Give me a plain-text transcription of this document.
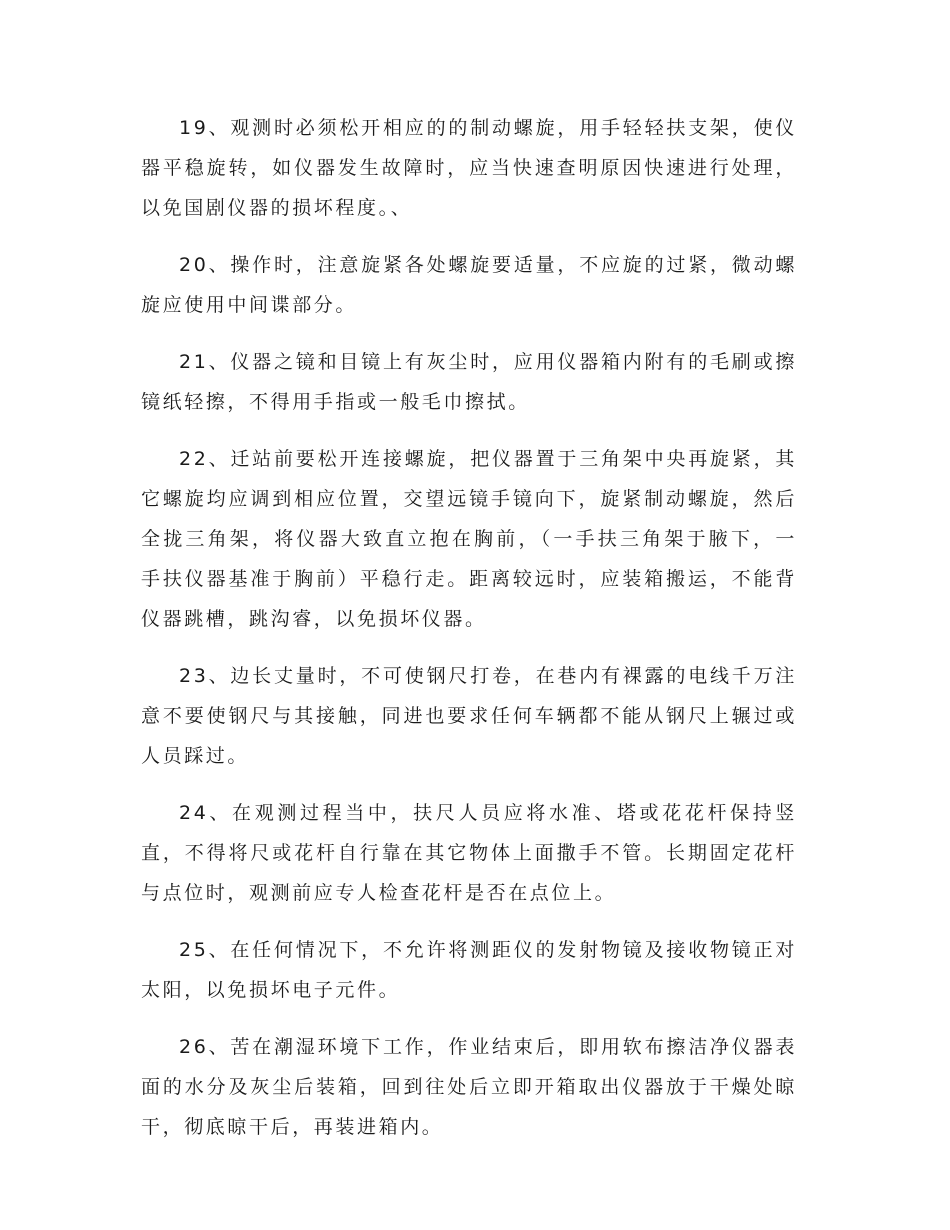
19、观测时必须松开相应的的制动螺旋，用手轻轻扶支架，使仪器平稳旋转，如仪器发生故障时，应当快速查明原因快速进行处理，以免国剧仪器的损坏程度。、

20、操作时，注意旋紧各处螺旋要适量，不应旋的过紧，微动螺旋应使用中间谍部分。

21、仪器之镜和目镜上有灰尘时，应用仪器箱内附有的毛刷或擦镜纸轻擦，不得用手指或一般毛巾擦拭。

22、迁站前要松开连接螺旋，把仪器置于三角架中央再旋紧，其它螺旋均应调到相应位置，交望远镜手镜向下，旋紧制动螺旋，然后全拢三角架，将仪器大致直立抱在胸前，（一手扶三角架于腋下，一手扶仪器基准于胸前）平稳行走。距离较远时，应装箱搬运，不能背仪器跳槽，跳沟睿，以免损坏仪器。

23、边长丈量时，不可使钢尺打卷，在巷内有裸露的电线千万注意不要使钢尺与其接触，同进也要求任何车辆都不能从钢尺上辗过或人员踩过。

24、在观测过程当中，扶尺人员应将水准、塔或花花杆保持竖直，不得将尺或花杆自行靠在其它物体上面撒手不管。长期固定花杆与点位时，观测前应专人检查花杆是否在点位上。

25、在任何情况下，不允许将测距仪的发射物镜及接收物镜正对太阳，以免损坏电子元件。

26、苦在潮湿环境下工作，作业结束后，即用软布擦洁净仪器表面的水分及灰尘后装箱，回到往处后立即开箱取出仪器放于干燥处晾干，彻底晾干后，再装进箱内。
